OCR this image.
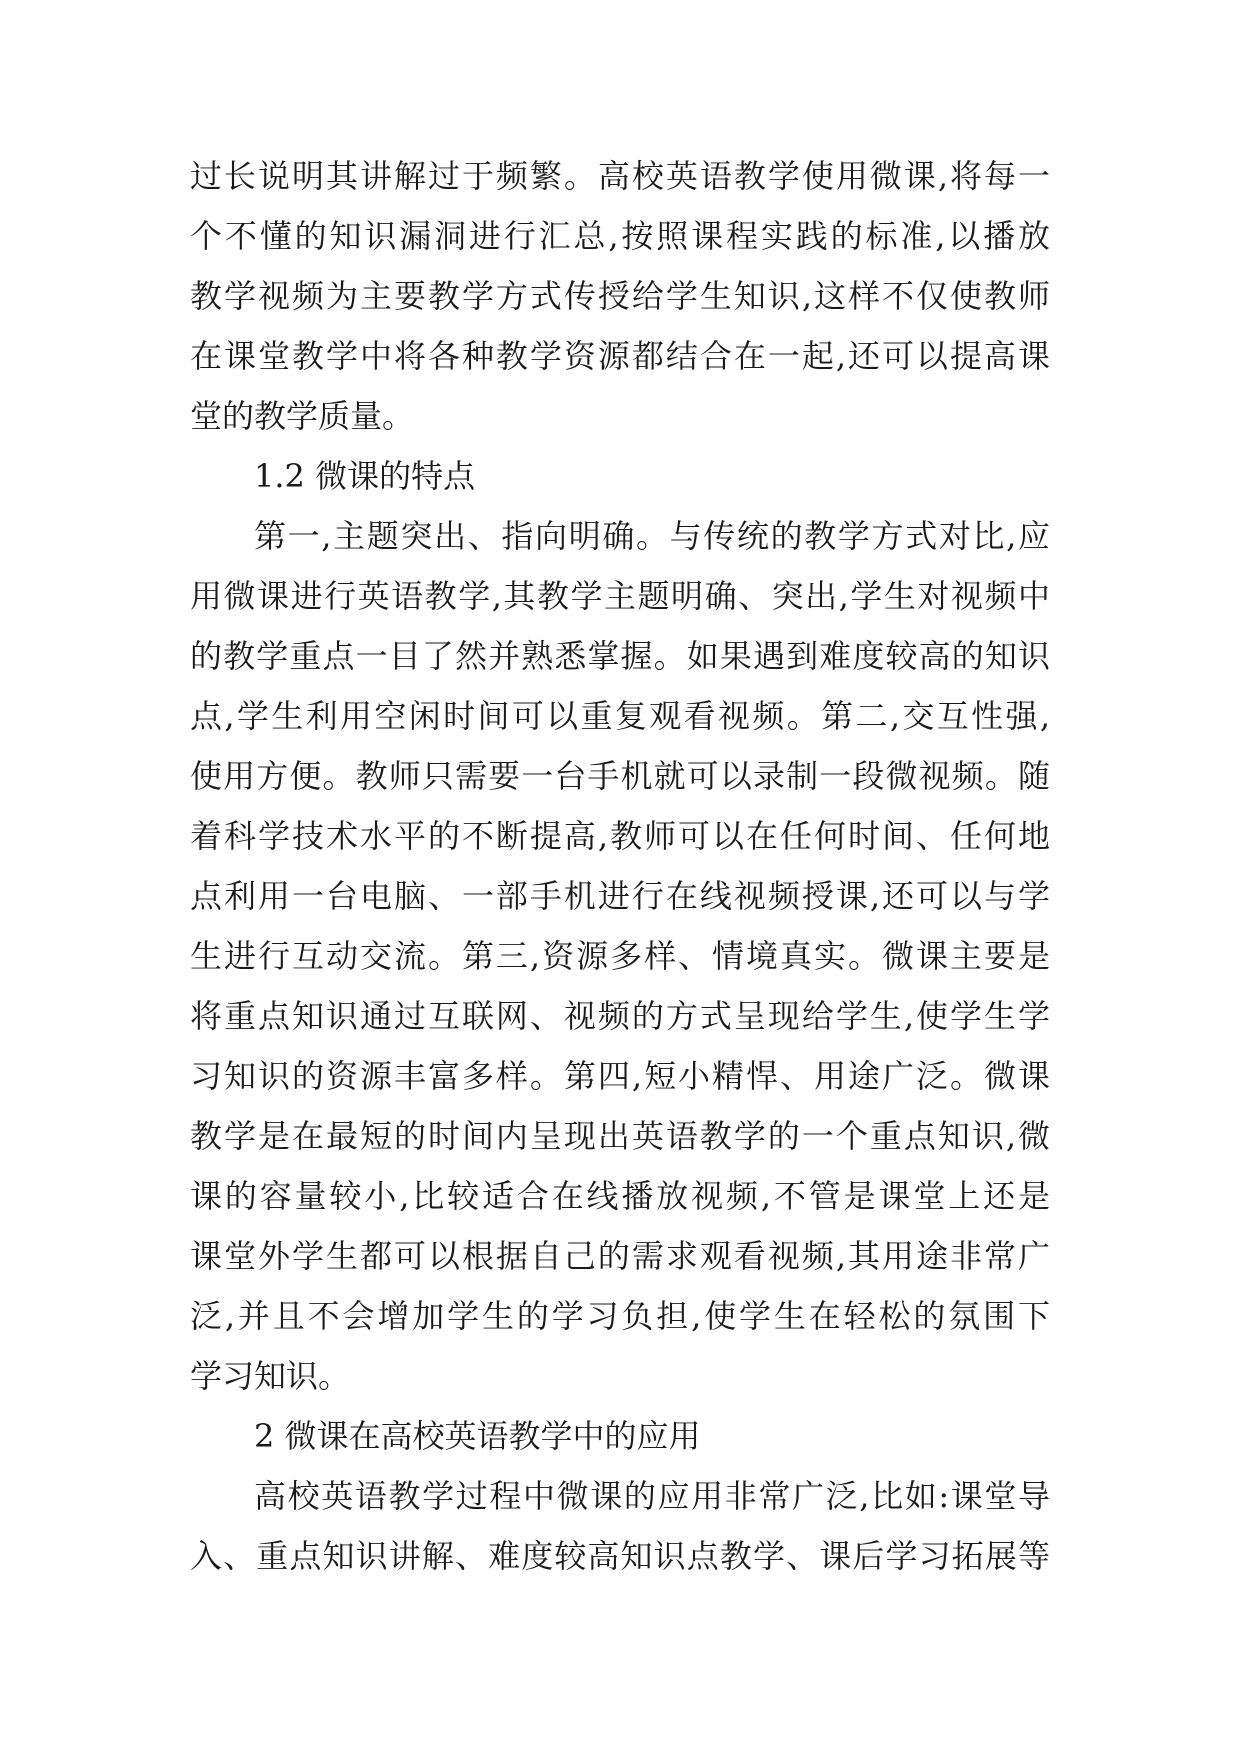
过长说明其讲解过于频繁。高校英语教学使用微课,将每一
个不懂的知识漏洞进行汇总,按照课程实践的标准,以播放
教学视频为主要教学方式传授给学生知识,这样不仅使教师
在课堂教学中将各种教学资源都结合在一起,还可以提高课
堂的教学质量。
1.2 微课的特点
第一,主题突出、指向明确。与传统的教学方式对比,应
用微课进行英语教学,其教学主题明确、突出,学生对视频中
的教学重点一目了然并熟悉掌握。如果遇到难度较高的知识
点,学生利用空闲时间可以重复观看视频。第二,交互性强,
使用方便。教师只需要一台手机就可以录制一段微视频。随
着科学技术水平的不断提高,教师可以在任何时间、任何地
点利用一台电脑、一部手机进行在线视频授课,还可以与学
生进行互动交流。第三,资源多样、情境真实。微课主要是
将重点知识通过互联网、视频的方式呈现给学生,使学生学
习知识的资源丰富多样。第四,短小精悍、用途广泛。微课
教学是在最短的时间内呈现出英语教学的一个重点知识,微
课的容量较小,比较适合在线播放视频,不管是课堂上还是
课堂外学生都可以根据自己的需求观看视频,其用途非常广
泛,并且不会增加学生的学习负担,使学生在轻松的氛围下
学习知识。
2 微课在高校英语教学中的应用
高校英语教学过程中微课的应用非常广泛,比如:课堂导
入、重点知识讲解、难度较高知识点教学、课后学习拓展等
